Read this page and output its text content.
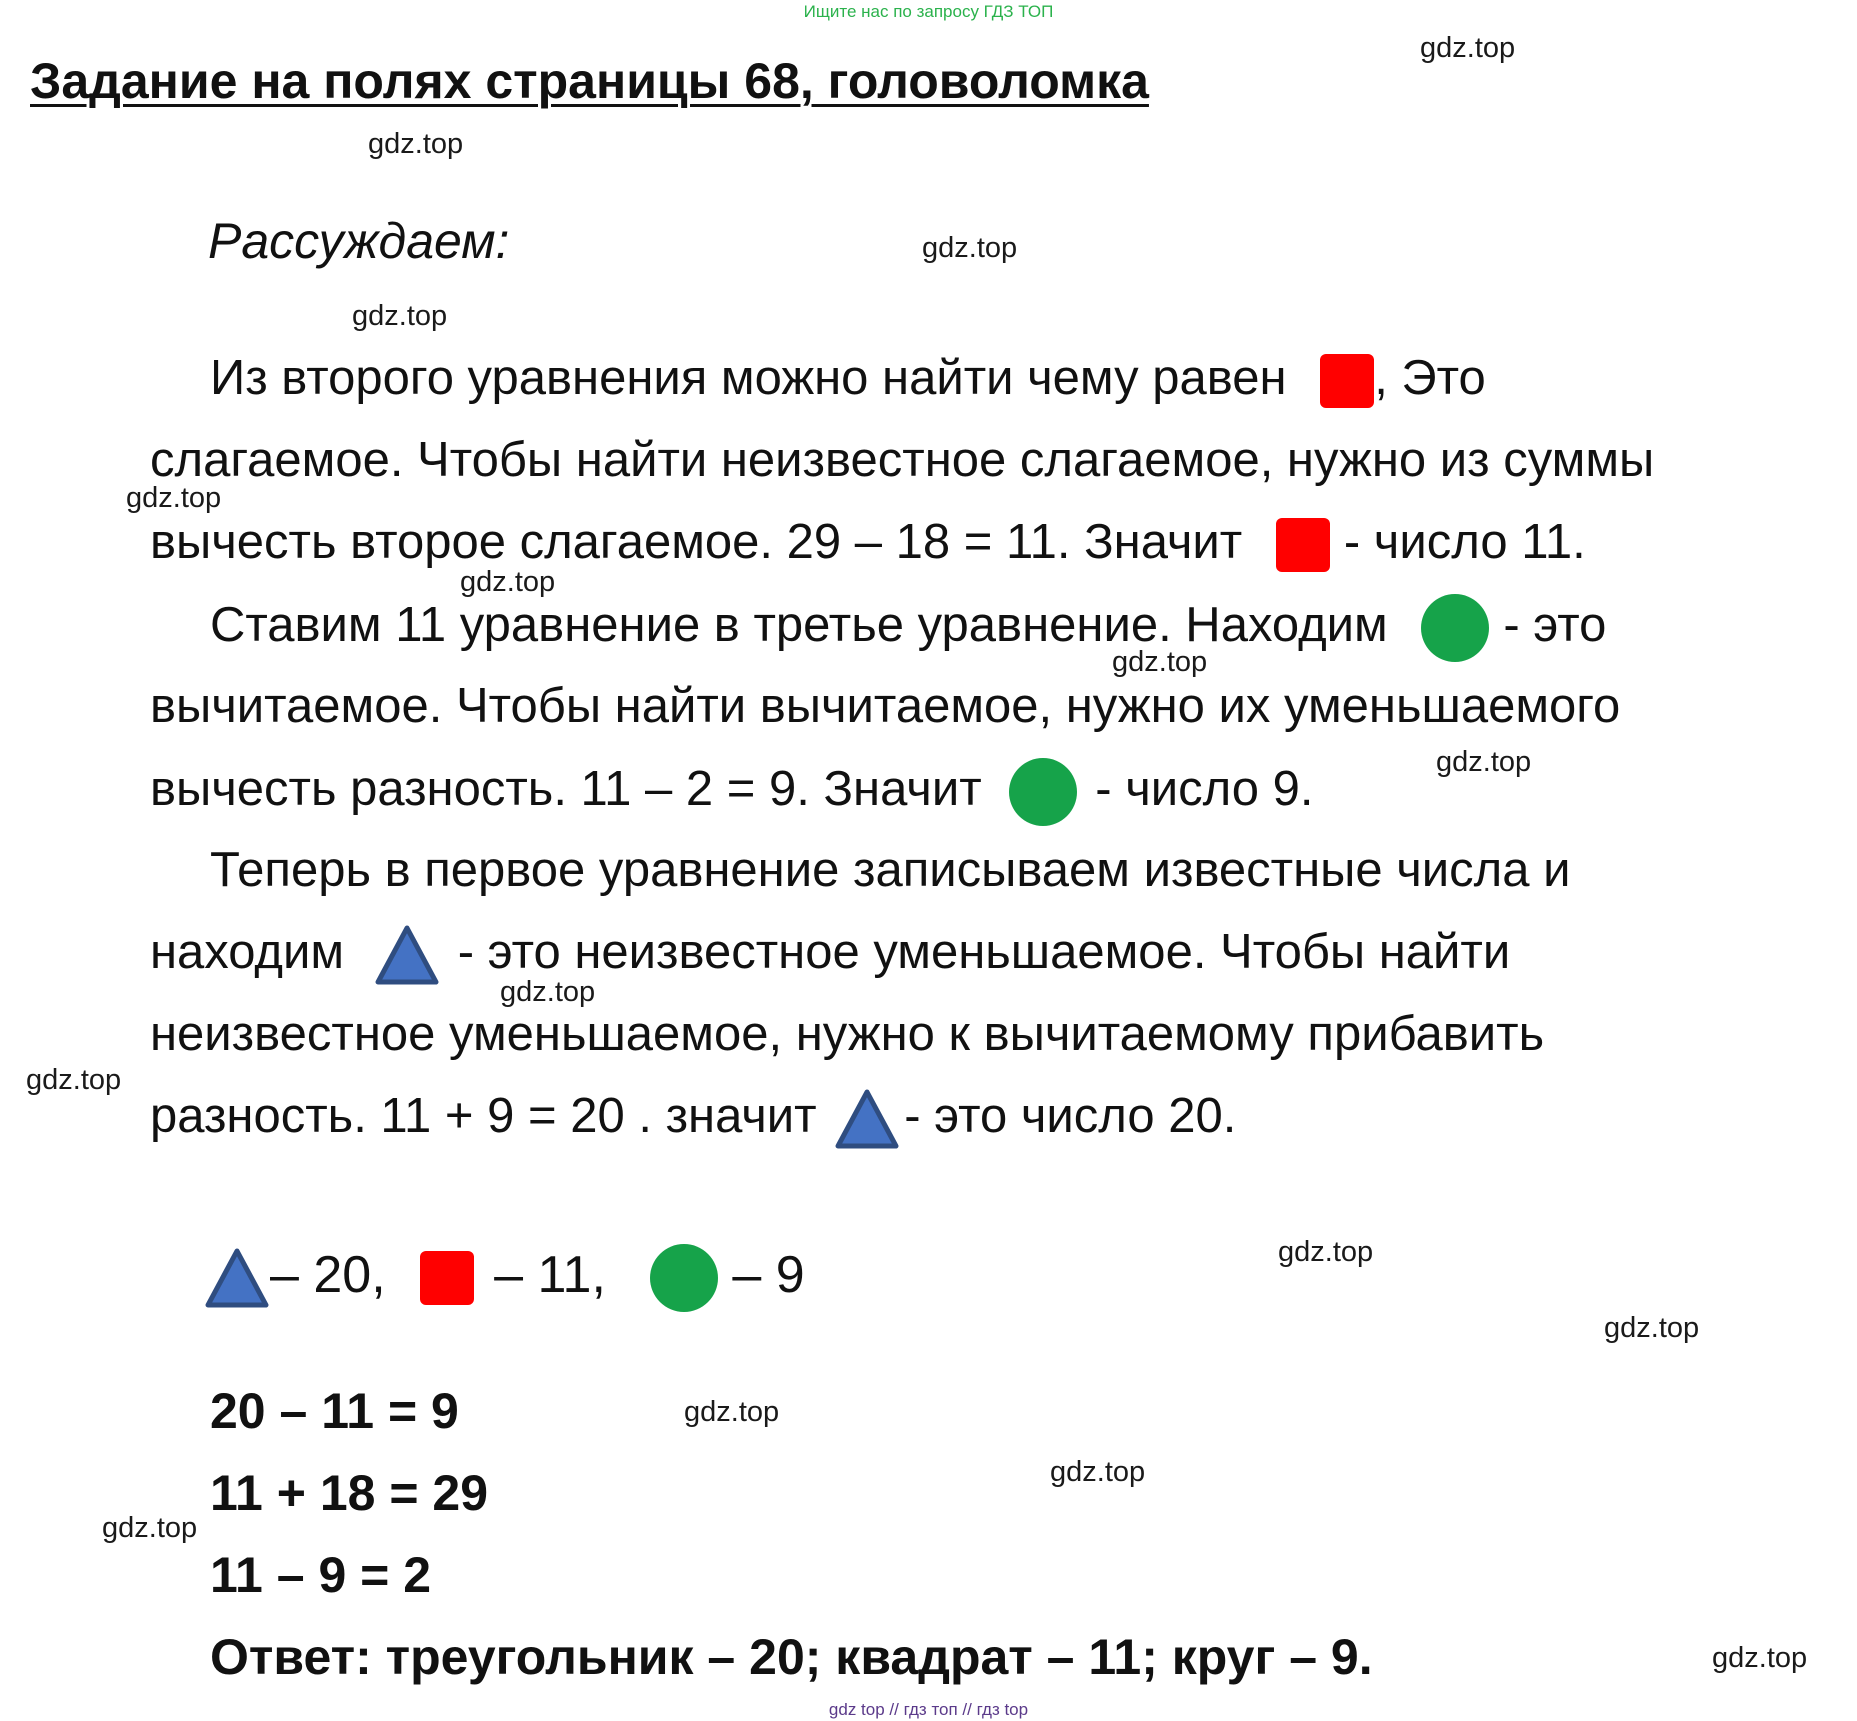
Ищите нас по запросу ГДЗ ТОП
Задание на полях страницы 68, головоломка
Рассуждаем:
Из второго уравнения можно найти чему равен , Это
слагаемое. Чтобы найти неизвестное слагаемое, нужно из суммы
вычесть второе слагаемое. 29 – 18 = 11. Значит - число 11.
Ставим 11 уравнение в третье уравнение. Находим - это
вычитаемое. Чтобы найти вычитаемое, нужно их уменьшаемого
вычесть разность. 11 – 2 = 9. Значит - число 9.
Теперь в первое уравнение записываем известные числа и
находим - это неизвестное уменьшаемое. Чтобы найти
неизвестное уменьшаемое, нужно к вычитаемому прибавить
разность. 11 + 9 = 20 . значит - это число 20.
– 20, – 11, – 9
20 – 11 = 9
11 + 18 = 29
11 – 9 = 2
Ответ: треугольник – 20; квадрат – 11; круг – 9.
gdz.top
gdz.top
gdz.top
gdz.top
gdz.top
gdz.top
gdz.top
gdz.top
gdz.top
gdz.top
gdz.top
gdz.top
gdz.top
gdz.top
gdz.top
gdz.top
gdz top // гдз топ // гдз top
